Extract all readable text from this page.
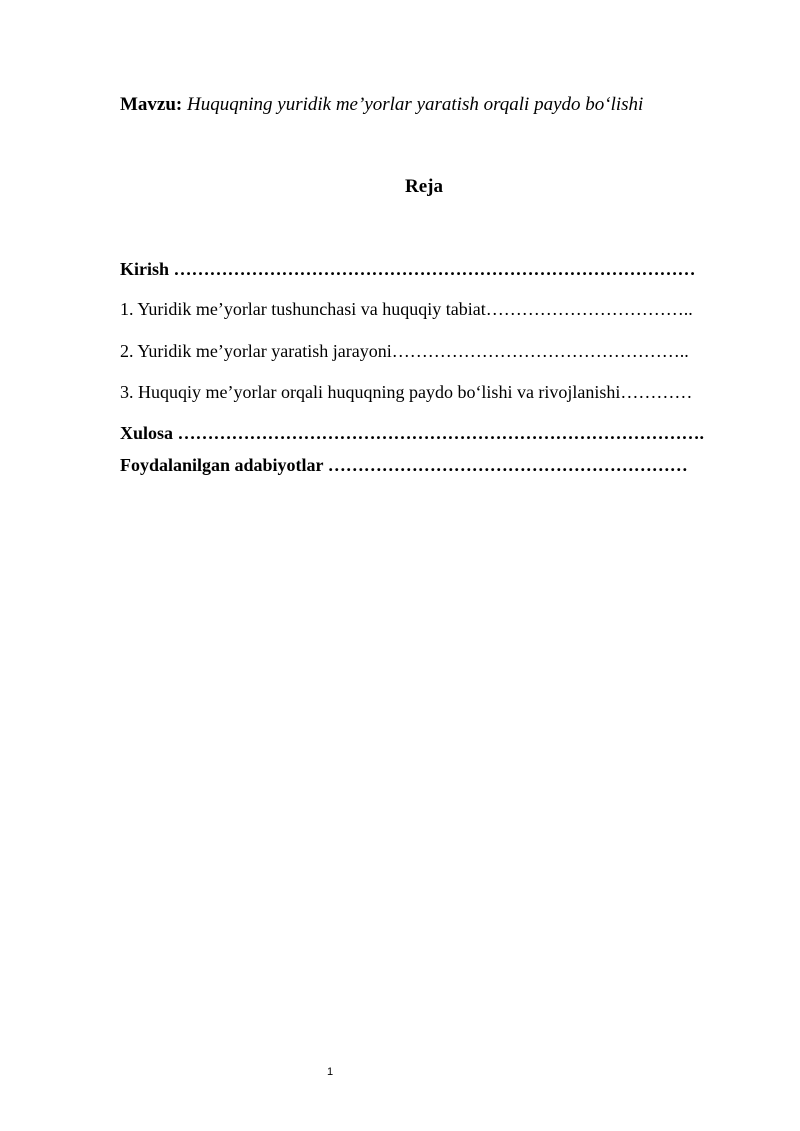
Mavzu: Huquqning yuridik me’yorlar yaratish orqali paydo bo‘lishi
Reja
Kirish ……………………………………………………………………………
1. Yuridik me’yorlar tushunchasi va huquqiy tabiat……………………………..
2. Yuridik me’yorlar yaratish jarayoni…………………………………………..
3. Huquqiy me’yorlar orqali huquqning paydo bo‘lishi va rivojlanishi…………
Xulosa …………………………………………………………………………….
Foydalanilgan adabiyotlar ……………………………………………………
1
